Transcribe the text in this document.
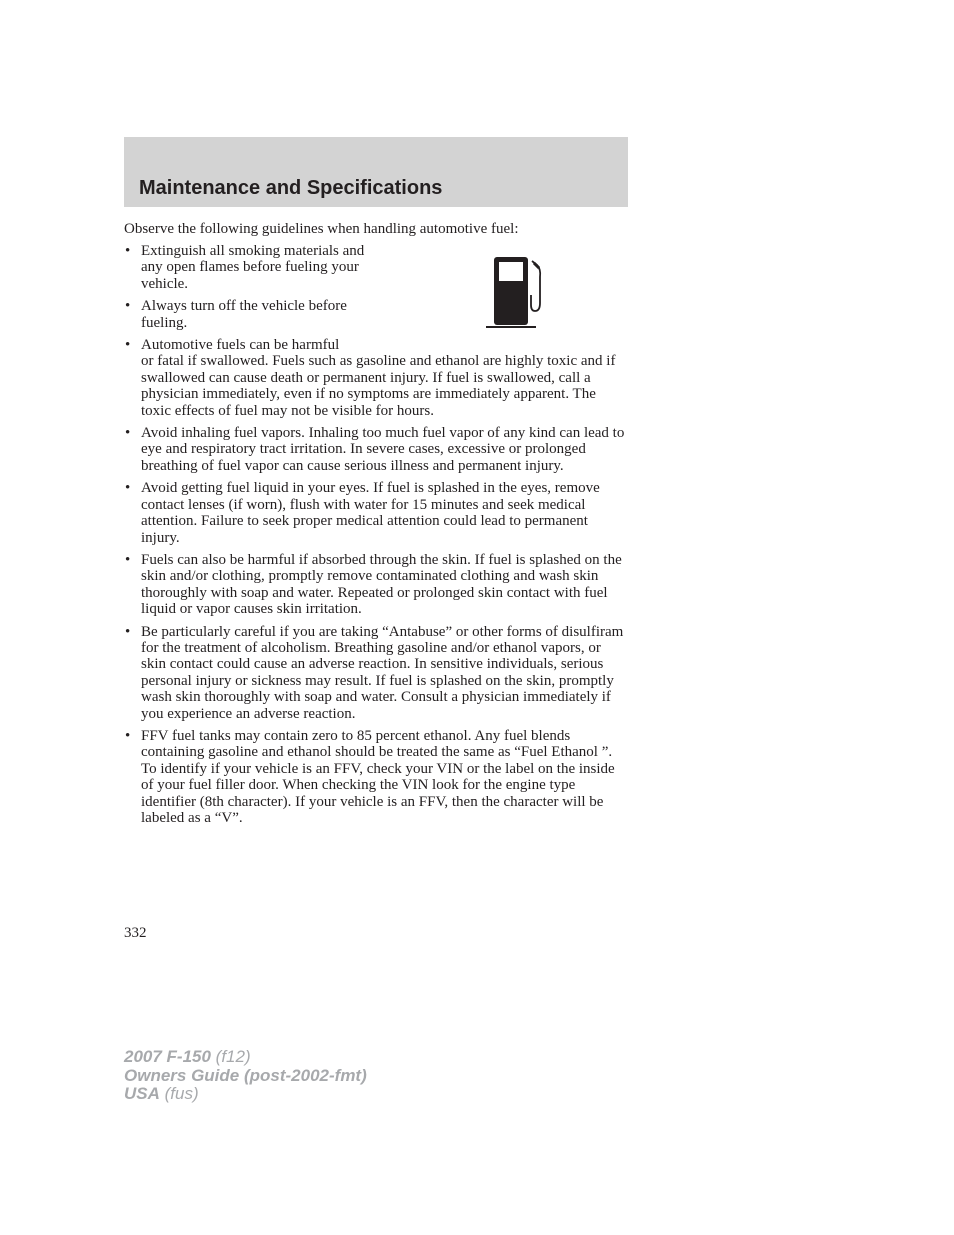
Maintenance and Specifications

Observe the following guidelines when handling automotive fuel:

• Extinguish all smoking materials and any open flames before fueling your vehicle.
• Always turn off the vehicle before fueling.
• Automotive fuels can be harmful
or fatal if swallowed. Fuels such as gasoline and ethanol are highly toxic and if swallowed can cause death or permanent injury. If fuel is swallowed, call a physician immediately, even if no symptoms are immediately apparent. The toxic effects of fuel may not be visible for hours.
• Avoid inhaling fuel vapors. Inhaling too much fuel vapor of any kind can lead to eye and respiratory tract irritation. In severe cases, excessive or prolonged breathing of fuel vapor can cause serious illness and permanent injury.
• Avoid getting fuel liquid in your eyes. If fuel is splashed in the eyes, remove contact lenses (if worn), flush with water for 15 minutes and seek medical attention. Failure to seek proper medical attention could lead to permanent injury.
• Fuels can also be harmful if absorbed through the skin. If fuel is splashed on the skin and/or clothing, promptly remove contaminated clothing and wash skin thoroughly with soap and water. Repeated or prolonged skin contact with fuel liquid or vapor causes skin irritation.
• Be particularly careful if you are taking “Antabuse” or other forms of disulfiram for the treatment of alcoholism. Breathing gasoline and/or ethanol vapors, or skin contact could cause an adverse reaction. In sensitive individuals, serious personal injury or sickness may result. If fuel is splashed on the skin, promptly wash skin thoroughly with soap and water. Consult a physician immediately if you experience an adverse reaction.
• FFV fuel tanks may contain zero to 85 percent ethanol. Any fuel blends containing gasoline and ethanol should be treated the same as “Fuel Ethanol ”. To identify if your vehicle is an FFV, check your VIN or the label on the inside of your fuel filler door. When checking the VIN look for the engine type identifier (8th character). If your vehicle is an FFV, then the character will be labeled as a “V”.

332

2007 F-150 (f12)
Owners Guide (post-2002-fmt)
USA (fus)
